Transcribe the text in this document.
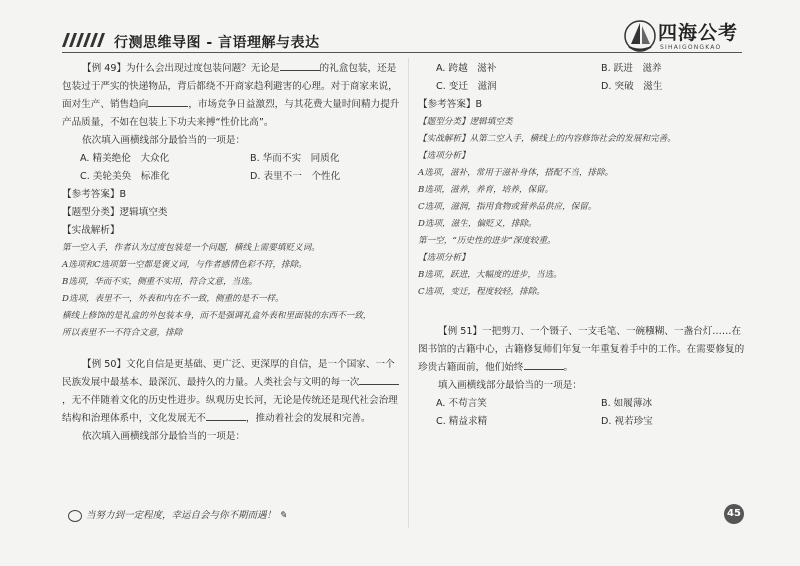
行测思维导图 - 言语理解与表达	四海公考
SIHAIGONGKAO

【例 49】为什么会出现过度包装问题？无论是	的礼盒包装，还是包装过于严实的快递物品，背后都绕不开商家趋利避害的心理。对于商家来说，面对生产、销售趋向	，市场竞争日益激烈，与其花费大量时间精力提升产品质量，不如在包装上下功夫来搏“性价比高”。

依次填入画横线部分最恰当的一项是：

A. 精美绝伦　大众化	B. 华而不实　同质化
C. 美轮美奂　标准化	D. 表里不一　个性化

【参考答案】B

【题型分类】逻辑填空类

【实战解析】

第一空入手，作者认为过度包装是一个问题，横线上需要填贬义词。

A选项和C选项第一空都是褒义词，与作者感情色彩不符，排除。

B选项，华而不实，侧重不实用，符合文意，当选。

D选项，表里不一，外表和内在不一致，侧重的是不一样。

横线上修饰的是礼盒的外包装本身，而不是强调礼盒外表和里面装的东西不一致，

所以表里不一不符合文意，排除

【例 50】文化自信是更基础、更广泛、更深厚的自信，是一个国家、一个民族发展中最基本、最深沉、最持久的力量。人类社会与文明的每一次，无不伴随着文化的历史性进步。纵观历史长河，无论是传统还是现代社会治理结构和治理体系中，文化发展无不	，推动着社会的发展和完善。

依次填入画横线部分最恰当的一项是：

A. 跨越　滋补	B. 跃进　滋养
C. 变迁　滋润	D. 突破　滋生

【参考答案】B

【题型分类】逻辑填空类

【实战解析】从第二空入手，横线上的内容修饰社会的发展和完善。

【选项分析】

A选项，滋补，常用于滋补身体，搭配不当，排除。

B选项，滋养，养育，培养，保留。

C选项，滋润，指用食物或营养品供应，保留。

D选项，滋生，偏贬义，排除。

第一空，“历史性的进步”深度较重。

【选项分析】

B选项，跃进，大幅度的进步，当选。

C选项，变迁，程度较轻，排除。

【例 51】一把剪刀、一个镊子、一支毛笔、一碗糨糊、一盏台灯……在图书馆的古籍中心，古籍修复师们年复一年重复着手中的工作。在需要修复的珍贵古籍面前，他们始终	。

填入画横线部分最恰当的一项是：

A. 不苟言笑	B. 如履薄冰
C. 精益求精	D. 视若珍宝
当努力到一定程度，幸运自会与你不期而遇！ ✎	45
